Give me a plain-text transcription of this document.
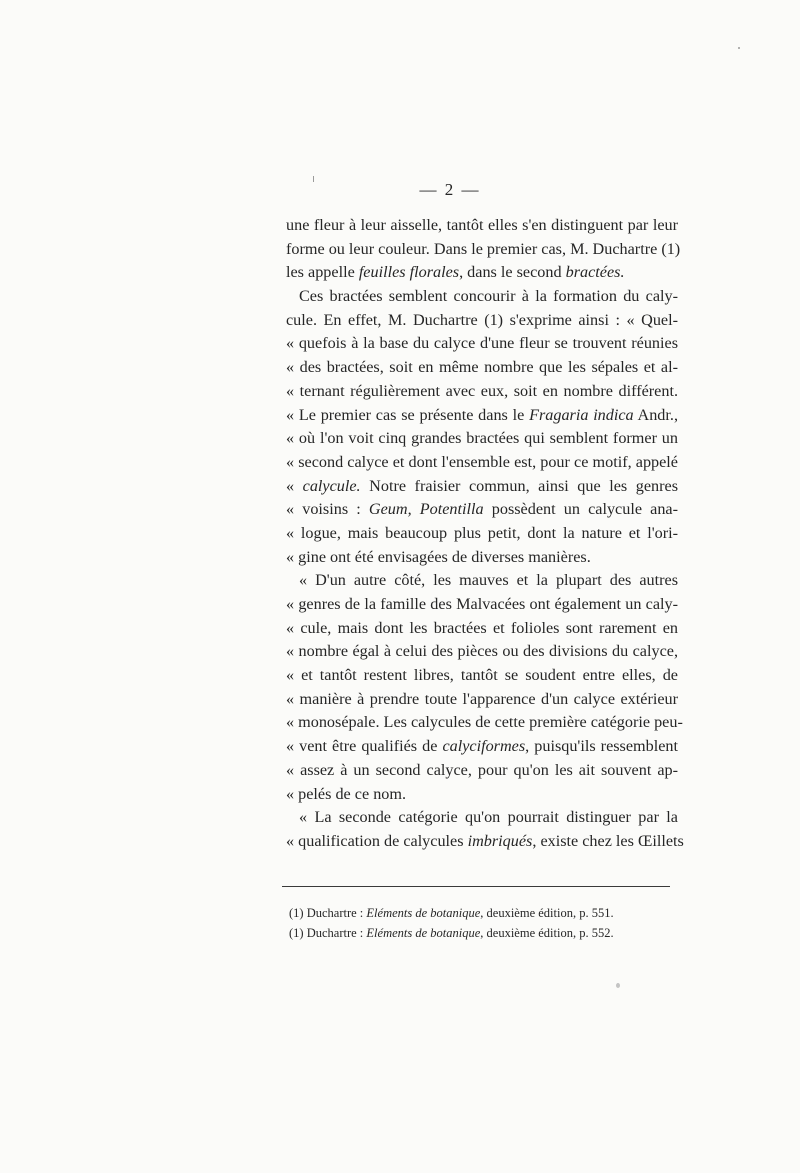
— 2 —
une fleur à leur aisselle, tantôt elles s'en distinguent par leur
forme ou leur couleur. Dans le premier cas, M. Duchartre (1)
les appelle feuilles florales, dans le second bractées.
Ces bractées semblent concourir à la formation du caly-
cule. En effet, M. Duchartre (1) s'exprime ainsi : « Quel-
« quefois à la base du calyce d'une fleur se trouvent réunies
« des bractées, soit en même nombre que les sépales et al-
« ternant régulièrement avec eux, soit en nombre différent.
« Le premier cas se présente dans le Fragaria indica Andr.,
« où l'on voit cinq grandes bractées qui semblent former un
« second calyce et dont l'ensemble est, pour ce motif, appelé
« calycule. Notre fraisier commun, ainsi que les genres
« voisins : Geum, Potentilla possèdent un calycule ana-
« logue, mais beaucoup plus petit, dont la nature et l'ori-
« gine ont été envisagées de diverses manières.
« D'un autre côté, les mauves et la plupart des autres
« genres de la famille des Malvacées ont également un caly-
« cule, mais dont les bractées et folioles sont rarement en
« nombre égal à celui des pièces ou des divisions du calyce,
« et tantôt restent libres, tantôt se soudent entre elles, de
« manière à prendre toute l'apparence d'un calyce extérieur
« monosépale. Les calycules de cette première catégorie peu-
« vent être qualifiés de calyciformes, puisqu'ils ressemblent
« assez à un second calyce, pour qu'on les ait souvent ap-
« pelés de ce nom.
« La seconde catégorie qu'on pourrait distinguer par la
« qualification de calycules imbriqués, existe chez les Œillets
(1) Duchartre : Eléments de botanique, deuxième édition, p. 551.
(1) Duchartre : Eléments de botanique, deuxième édition, p. 552.
